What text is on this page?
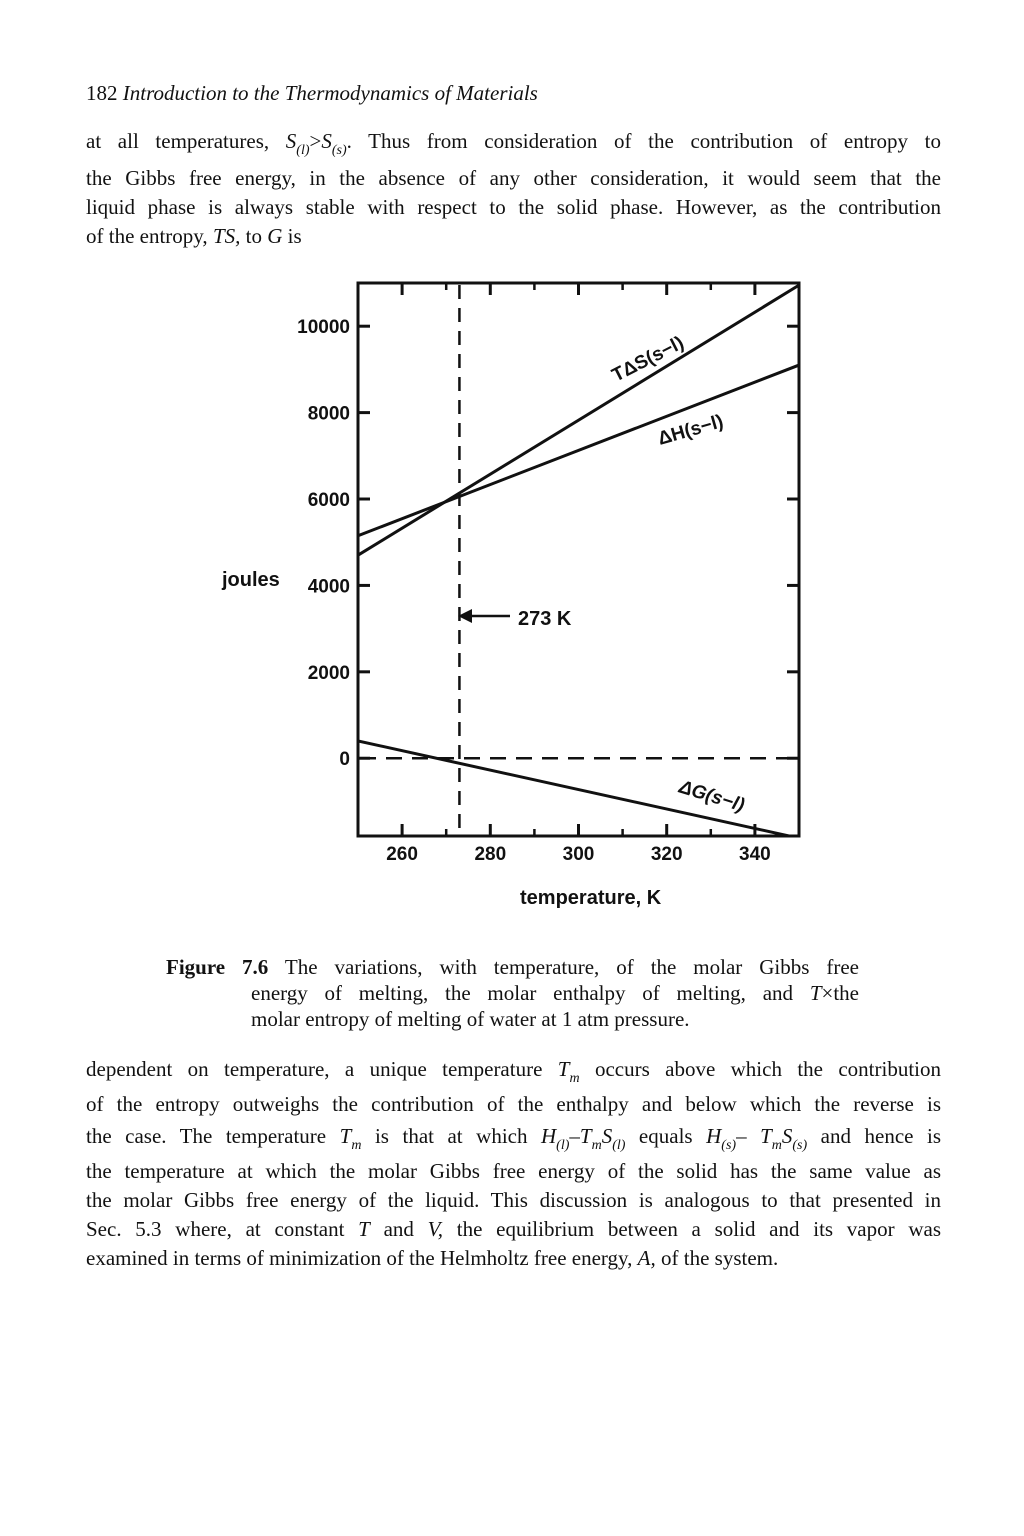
182 Introduction to the Thermodynamics of Materials
at all temperatures, $S_{(l)}>S_{(s)}$. Thus from consideration of the contribution of entropy to
the Gibbs free energy, in the absence of any other consideration, it would seem that the
liquid phase is always stable with respect to the solid phase. However, as the contribution
of the entropy, TS, to G is
260	280	300	320	340
0
2000
4000
6000
8000
10000
joules
temperature, K
273 K
TΔS(s−l)
ΔH(s−l)
ΔG(s−l)
Figure 7.6 The variations, with temperature, of the molar Gibbs free
energy of melting, the molar enthalpy of melting, and T×the
molar entropy of melting of water at 1 atm pressure.
dependent on temperature, a unique temperature $T_m$ occurs above which the contribution
of the entropy outweighs the contribution of the enthalpy and below which the reverse is
the case. The temperature $T_m$ is that at which $H_{(l)}-T_mS_{(l)}$ equals $H_{(s)}-$ $T_mS_{(s)}$ and hence is
the temperature at which the molar Gibbs free energy of the solid has the same value as
the molar Gibbs free energy of the liquid. This discussion is analogous to that presented in
Sec. 5.3 where, at constant T and V, the equilibrium between a solid and its vapor was
examined in terms of minimization of the Helmholtz free energy, A, of the system.
